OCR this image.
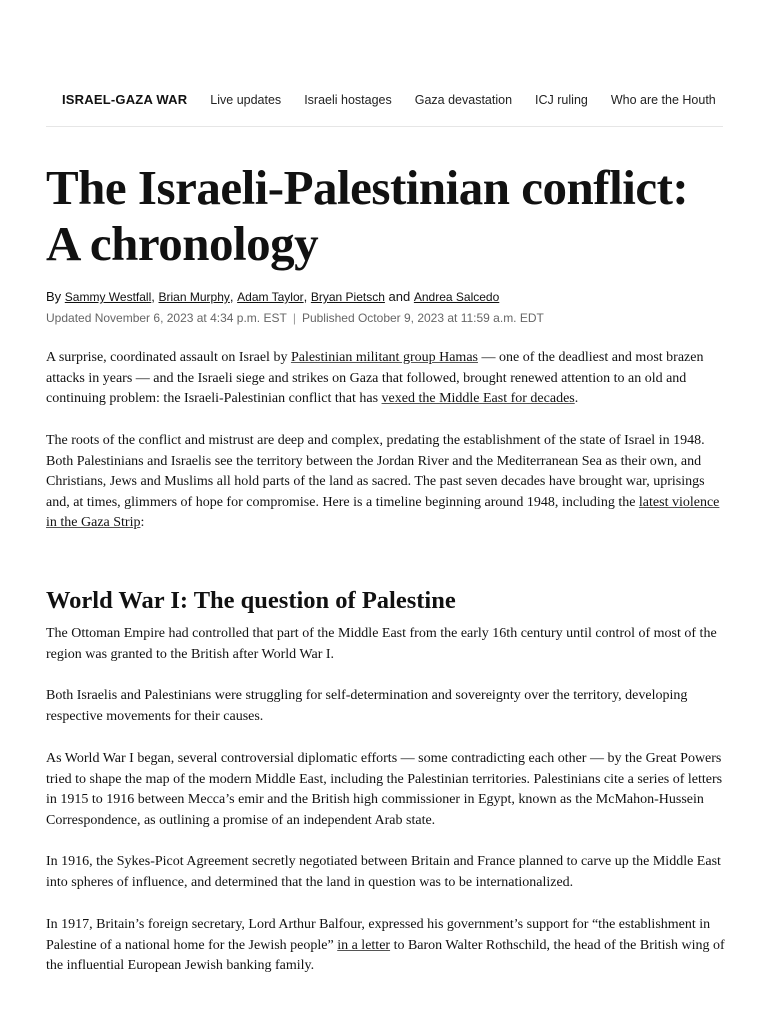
ISRAEL-GAZA WAR Live updates Israeli hostages Gaza devastation ICJ ruling Who are the Houth
The Israeli-Palestinian conflict: A chronology
By Sammy Westfall, Brian Murphy, Adam Taylor, Bryan Pietsch and Andrea Salcedo
Updated November 6, 2023 at 4:34 p.m. EST | Published October 9, 2023 at 11:59 a.m. EDT

A surprise, coordinated assault on Israel by Palestinian militant group Hamas — one of the deadliest and most brazen attacks in years — and the Israeli siege and strikes on Gaza that followed, brought renewed attention to an old and continuing problem: the Israeli-Palestinian conflict that has vexed the Middle East for decades.

The roots of the conflict and mistrust are deep and complex, predating the establishment of the state of Israel in 1948. Both Palestinians and Israelis see the territory between the Jordan River and the Mediterranean Sea as their own, and Christians, Jews and Muslims all hold parts of the land as sacred. The past seven decades have brought war, uprisings and, at times, glimmers of hope for compromise. Here is a timeline beginning around 1948, including the latest violence in the Gaza Strip:

World War I: The question of Palestine

The Ottoman Empire had controlled that part of the Middle East from the early 16th century until control of most of the region was granted to the British after World War I.

Both Israelis and Palestinians were struggling for self-determination and sovereignty over the territory, developing respective movements for their causes.

As World War I began, several controversial diplomatic efforts — some contradicting each other — by the Great Powers tried to shape the map of the modern Middle East, including the Palestinian territories. Palestinians cite a series of letters in 1915 to 1916 between Mecca’s emir and the British high commissioner in Egypt, known as the McMahon-Hussein Correspondence, as outlining a promise of an independent Arab state.

In 1916, the Sykes-Picot Agreement secretly negotiated between Britain and France planned to carve up the Middle East into spheres of influence, and determined that the land in question was to be internationalized.

In 1917, Britain’s foreign secretary, Lord Arthur Balfour, expressed his government’s support for “the establishment in Palestine of a national home for the Jewish people” in a letter to Baron Walter Rothschild, the head of the British wing of the influential European Jewish banking family.
